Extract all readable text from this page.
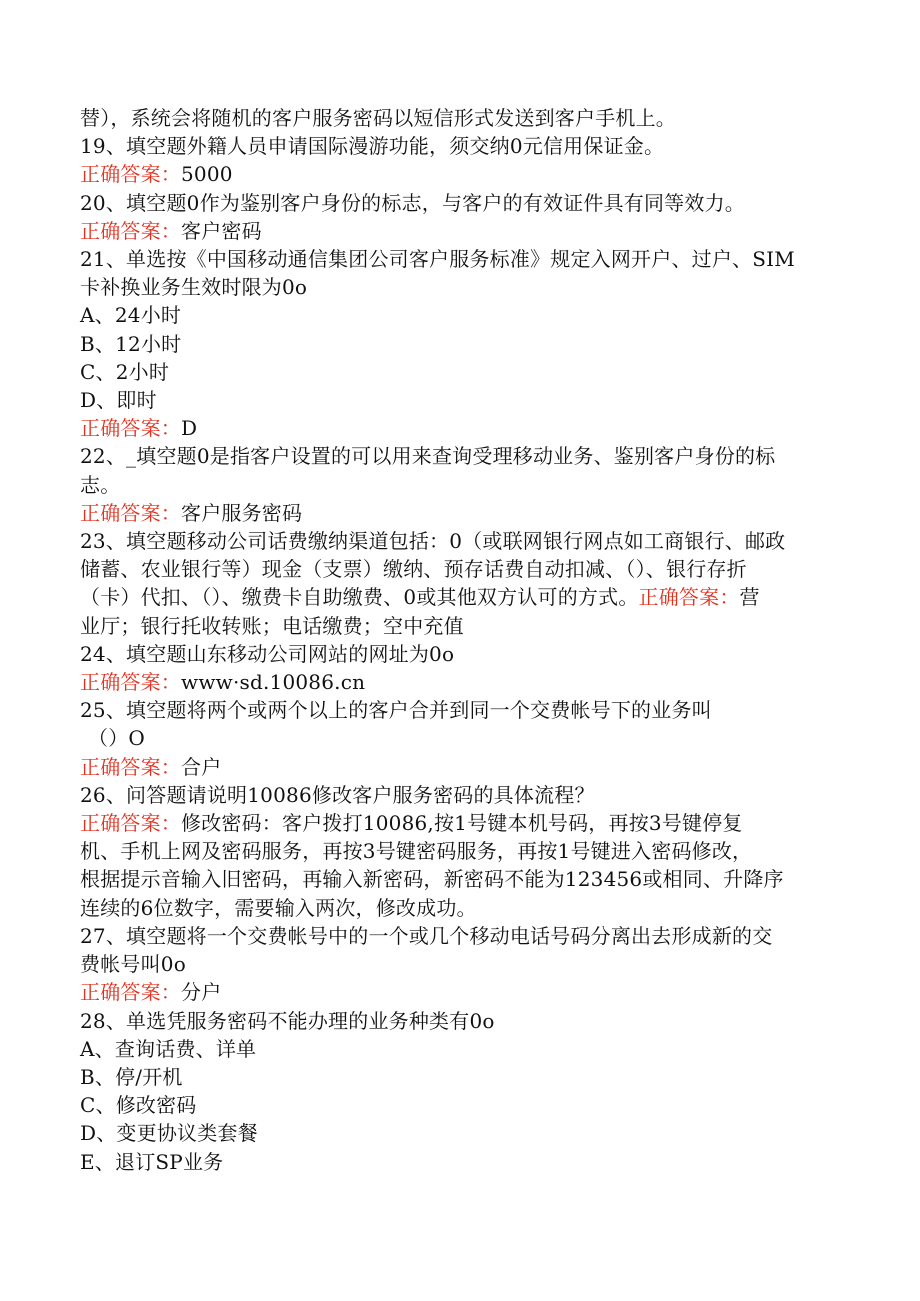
替），系统会将随机的客户服务密码以短信形式发送到客户手机上。
19、填空题外籍人员申请国际漫游功能，须交纳0元信用保证金。
正确答案：5000
20、填空题0作为鉴别客户身份的标志，与客户的有效证件具有同等效力。
正确答案：客户密码
21、单选按《中国移动通信集团公司客户服务标准》规定入网开户、过户、SIM
卡补换业务生效时限为0o
A、24小时
B、12小时
C、2小时
D、即时
正确答案：D
22、_填空题0是指客户设置的可以用来查询受理移动业务、鉴别客户身份的标
志。
正确答案：客户服务密码
23、填空题移动公司话费缴纳渠道包括：0（或联网银行网点如工商银行、邮政
储蓄、农业银行等）现金（支票）缴纳、预存话费自动扣减、（）、银行存折
（卡）代扣、（）、缴费卡自助缴费、0或其他双方认可的方式。正确答案：营
业厅；银行托收转账；电话缴费；空中充值
24、填空题山东移动公司网站的网址为0o
正确答案：www·sd.10086.cn
25、填空题将两个或两个以上的客户合并到同一个交费帐号下的业务叫
（）O
正确答案：合户
26、问答题请说明10086修改客户服务密码的具体流程？
正确答案：修改密码：客户拨打10086,按1号键本机号码，再按3号键停复
机、手机上网及密码服务，再按3号键密码服务，再按1号键进入密码修改，
根据提示音输入旧密码，再输入新密码，新密码不能为123456或相同、升降序
连续的6位数字，需要输入两次，修改成功。
27、填空题将一个交费帐号中的一个或几个移动电话号码分离出去形成新的交
费帐号叫0o
正确答案：分户
28、单选凭服务密码不能办理的业务种类有0o
A、查询话费、详单
B、停/开机
C、修改密码
D、变更协议类套餐
E、退订SP业务
